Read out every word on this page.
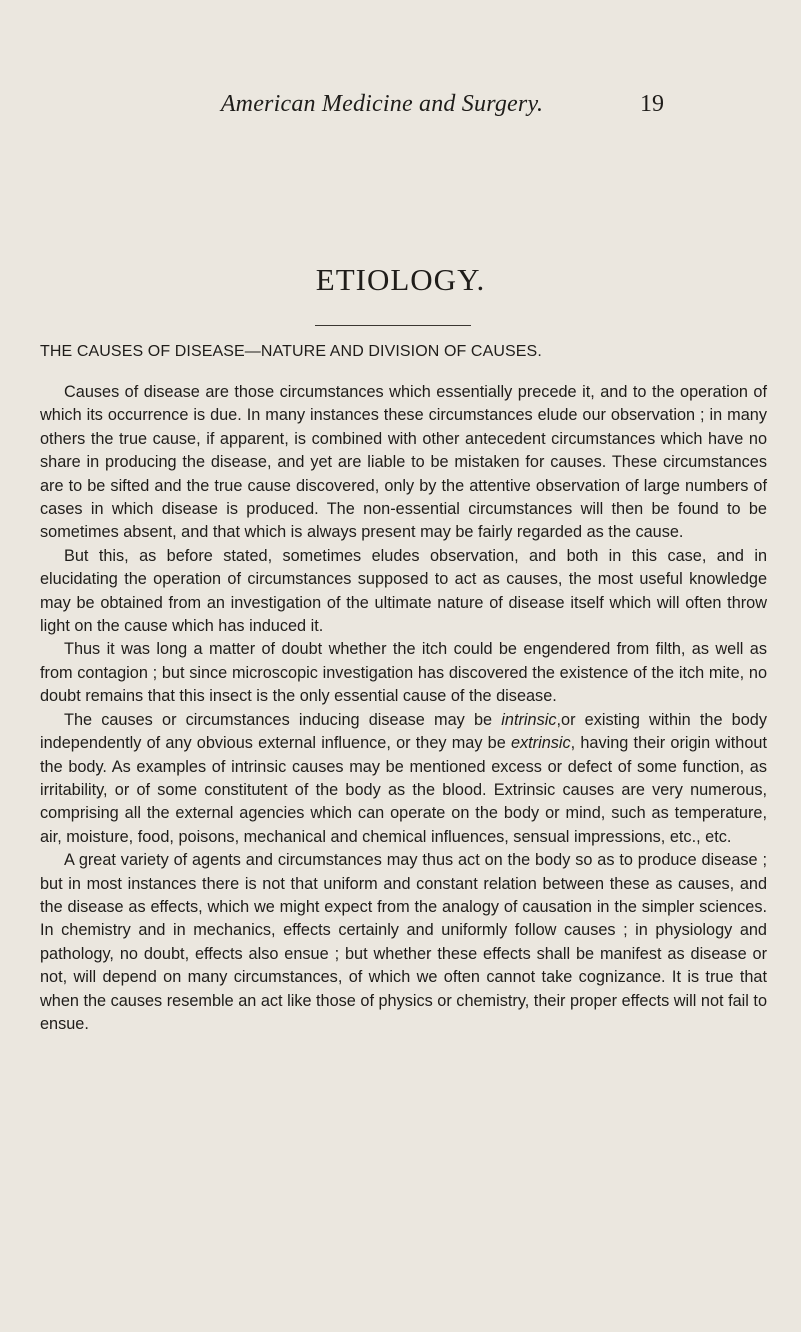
American Medicine and Surgery.	19
ETIOLOGY.
THE CAUSES OF DISEASE—NATURE AND DIVISION OF CAUSES.

Causes of disease are those circumstances which essentially precede it, and to the operation of which its occurrence is due. In many instances these circumstances elude our observation ; in many others the true cause, if apparent, is combined with other antecedent circumstances which have no share in producing the disease, and yet are liable to be mistaken for causes. These circumstances are to be sifted and the true cause discovered, only by the attentive observation of large numbers of cases in which disease is produced. The non-essential circumstances will then be found to be sometimes absent, and that which is always present may be fairly regarded as the cause.

But this, as before stated, sometimes eludes observation, and both in this case, and in elucidating the operation of circumstances supposed to act as causes, the most useful knowledge may be obtained from an investigation of the ultimate nature of disease itself which will often throw light on the cause which has induced it.

Thus it was long a matter of doubt whether the itch could be engendered from filth, as well as from contagion ; but since microscopic investigation has discovered the existence of the itch mite, no doubt remains that this insect is the only essential cause of the disease.

The causes or circumstances inducing disease may be intrinsic,or existing within the body independently of any obvious external influence, or they may be extrinsic, having their origin without the body. As examples of intrinsic causes may be mentioned excess or defect of some function, as irritability, or of some constitutent of the body as the blood. Extrinsic causes are very numerous, comprising all the external agencies which can operate on the body or mind, such as temperature, air, moisture, food, poisons, mechanical and chemical influences, sensual impressions, etc., etc.

A great variety of agents and circumstances may thus act on the body so as to produce disease ; but in most instances there is not that uniform and constant relation between these as causes, and the disease as effects, which we might expect from the analogy of causation in the simpler sciences. In chemistry and in mechanics, effects certainly and uniformly follow causes ; in physiology and pathology, no doubt, effects also ensue ; but whether these effects shall be manifest as disease or not, will depend on many circumstances, of which we often cannot take cognizance. It is true that when the causes resemble an act like those of physics or chemistry, their proper effects will not fail to ensue.
